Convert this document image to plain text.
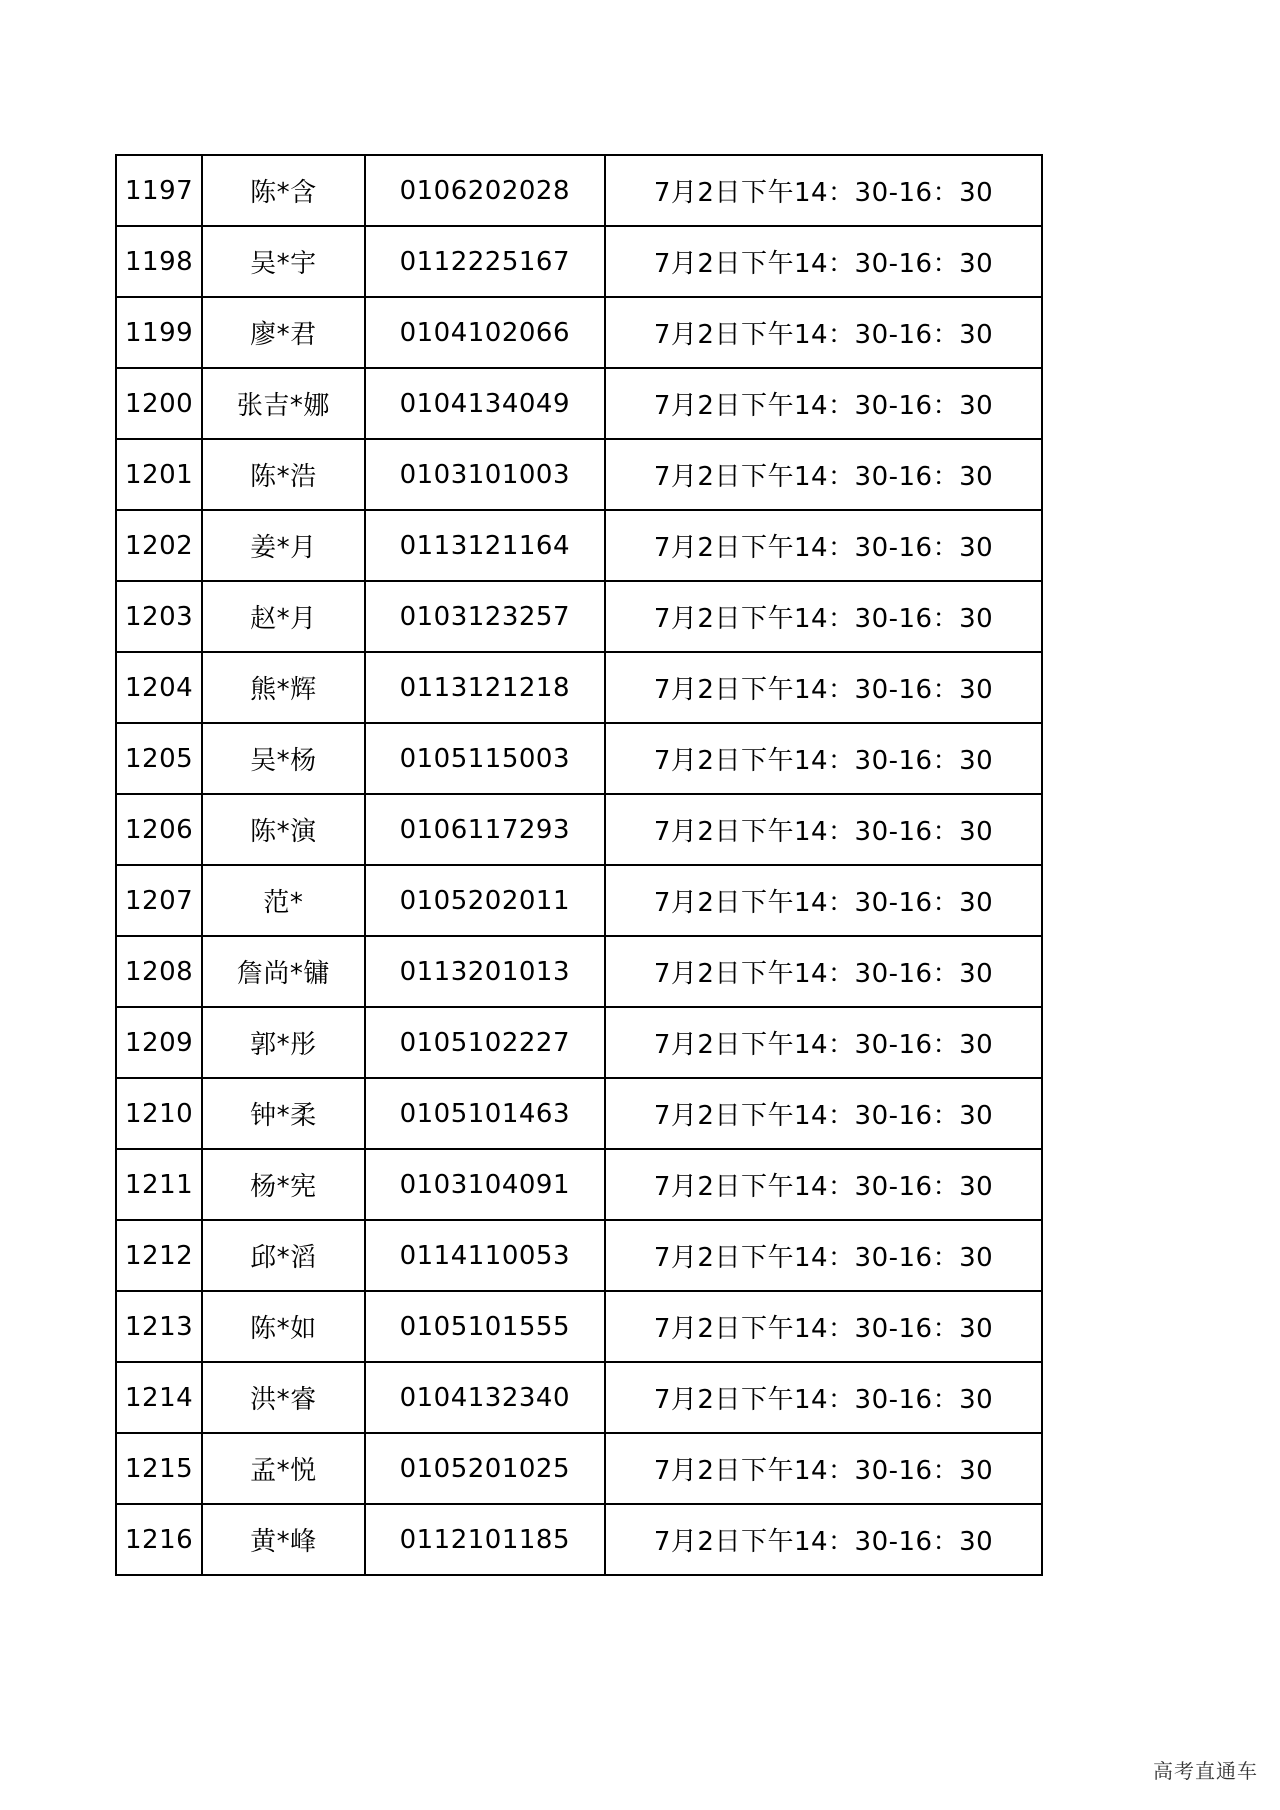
1197	陈*含	0106202028	7月2日下午14：30-16：30
1198	吴*宇	0112225167	7月2日下午14：30-16：30
1199	廖*君	0104102066	7月2日下午14：30-16：30
1200	张吉*娜	0104134049	7月2日下午14：30-16：30
1201	陈*浩	0103101003	7月2日下午14：30-16：30
1202	姜*月	0113121164	7月2日下午14：30-16：30
1203	赵*月	0103123257	7月2日下午14：30-16：30
1204	熊*辉	0113121218	7月2日下午14：30-16：30
1205	吴*杨	0105115003	7月2日下午14：30-16：30
1206	陈*演	0106117293	7月2日下午14：30-16：30
1207	范*	0105202011	7月2日下午14：30-16：30
1208	詹尚*镛	0113201013	7月2日下午14：30-16：30
1209	郭*彤	0105102227	7月2日下午14：30-16：30
1210	钟*柔	0105101463	7月2日下午14：30-16：30
1211	杨*宪	0103104091	7月2日下午14：30-16：30
1212	邱*滔	0114110053	7月2日下午14：30-16：30
1213	陈*如	0105101555	7月2日下午14：30-16：30
1214	洪*睿	0104132340	7月2日下午14：30-16：30
1215	孟*悦	0105201025	7月2日下午14：30-16：30
1216	黄*峰	0112101185	7月2日下午14：30-16：30
高考直通车
